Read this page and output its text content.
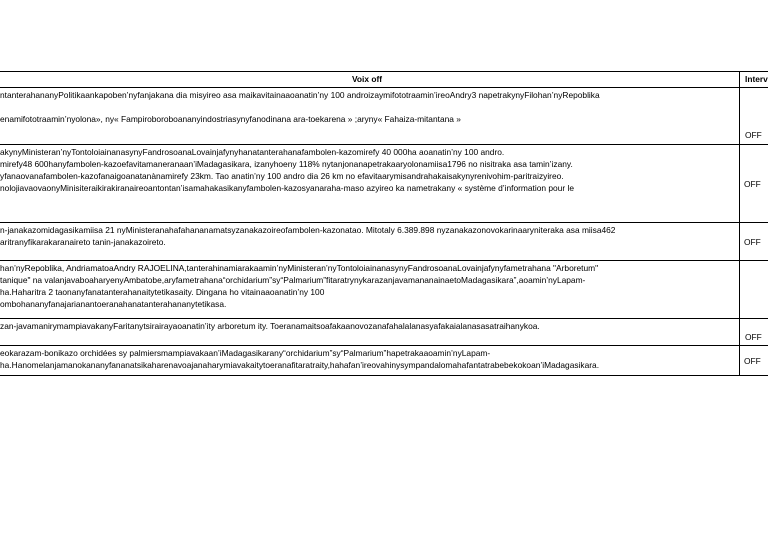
Voix off	Interv

ntanterahananyPolitikaankapoben’nyfanjakana dia misyireo asa maikavitainaaoanatin’ny 100 androizaymifototraamin’ireoAndry3 napetrakynyFilohan’nyRepoblika
enamifototraamin’nyolona», ny« Fampiroboroboananyindostriasynyfanodinana ara-toekarena » ;aryny« Fahaiza-mitantana »	OFF

akynyMinisteran’nyTontoloiainanasynyFandrosoanaLovainjafynyhanatanterahanafambolen-kazomirefy 40 000ha aoanatin’ny 100 andro.
mirefy48 600hanyfambolen-kazoefavitamaneranaan’iMadagasikara, izanyhoeny 118% nytanjonanapetrakaaryolonamiisa1796 no nisitraka asa tamin’izany.
yfanaovanafambolen-kazofanaigoanatanànamirefy 23km. Tao anatin’ny 100 andro dia 26 km no efavitaarymisandrahakaisakynyrenivohim-paritraizyireo.
nolojiavaovaonyMinisiteraikirakiranaireoantontan’isamahakasikanyfambolen-kazosyanaraha-maso azyireo ka nametrakany « système d’information pour le	OFF

n-janakazomidagasikamiisa 21 nyMinisteranahafahananamatsyzanakazoireofambolen-kazonatao. Mitotaly 6.389.898 nyzanakazonovokarinaaryniteraka asa miisa462
aritranyfikarakaranaireto tanin-janakazoireto.	OFF

han’nyRepoblika, AndriamatoaAndry RAJOELINA,tanterahinamiarakaamin’nyMinisteran’nyTontoloiainanasynyFandrosoanaLovainjafynyfametrahana "Arboretum"
tanique" na valanjavaboaharyenyAmbatobe,aryfametrahana“orchidarium”sy“Palmarium”fitaratrynykarazanjavamananainaetoMadagasikara”,aoamin’nyLapam-
ha.Haharitra 2 taonanyfanatanterahanaitytetikasaity. Dingana ho vitainaaoanatin’ny 100
ombohananyfanajarianantoeranahanatanterahananytetikasa.	

zan-javamanirymampiavakanyFaritanytsirairayaoanatin’ity arboretum ity. Toeranamaitsoafakaanovozanafahalalanasyafakaialanasasatraihanykoa.	OFF

eokarazam-bonikazo orchidées sy palmiersmampiavakaan’iMadagasikarany“orchidarium”sy“Palmarium”hapetrakaaoamin’nyLapam-
ha.Hanomelanjamanokananyfananatsikaharenavoajanaharymiavakaitytoeranafitaratraity,hahafan’ireovahinysympandalomahafantatrabebekokoan’iMadagasikara.	OFF
